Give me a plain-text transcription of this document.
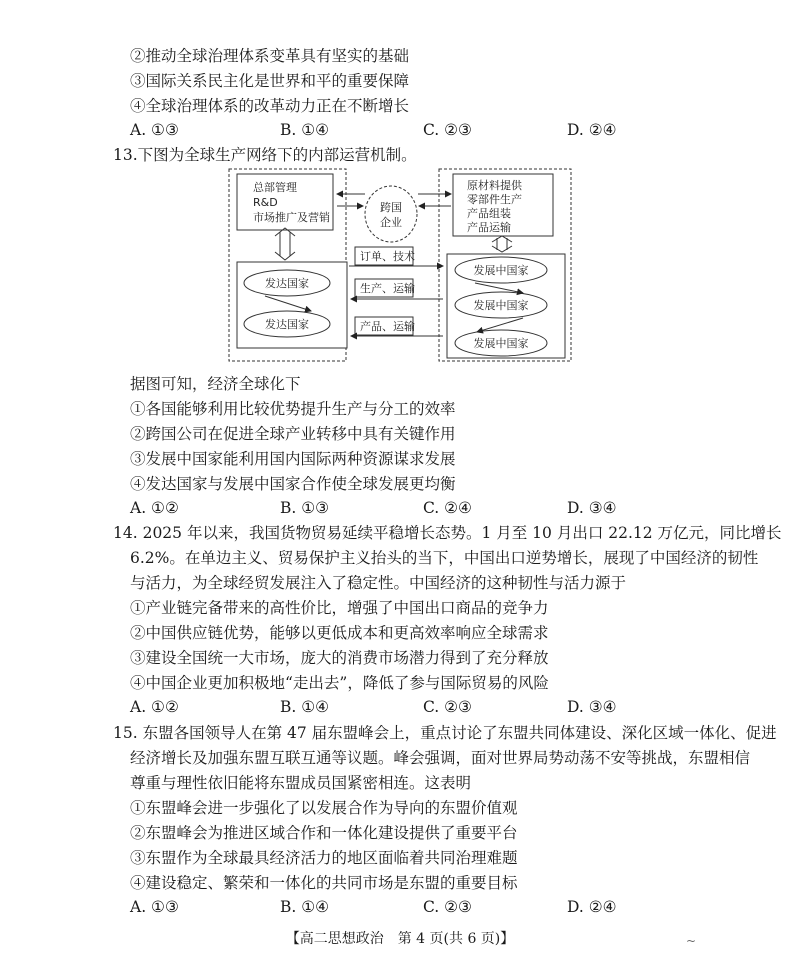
②推动全球治理体系变革具有坚实的基础
③国际关系民主化是世界和平的重要保障
④全球治理体系的改革动力正在不断增长
A. ①③	B. ①④	C. ②③	D. ②④
13.下图为全球生产网络下的内部运营机制。
总部管理
R&D
市场推广及营销
发达国家
发达国家
原材料提供
零部件生产
产品组装
产品运输
发展中国家
发展中国家
发展中国家
跨国
企业
订单、技术
生产、运输
产品、运输
据图可知，经济全球化下
①各国能够利用比较优势提升生产与分工的效率
②跨国公司在促进全球产业转移中具有关键作用
③发展中国家能利用国内国际两种资源谋求发展
④发达国家与发展中国家合作使全球发展更均衡
A. ①②	B. ①③	C. ②④	D. ③④
14. 2025 年以来，我国货物贸易延续平稳增长态势。1 月至 10 月出口 22.12 万亿元，同比增长
6.2%。在单边主义、贸易保护主义抬头的当下，中国出口逆势增长，展现了中国经济的韧性
与活力，为全球经贸发展注入了稳定性。中国经济的这种韧性与活力源于
①产业链完备带来的高性价比，增强了中国出口商品的竞争力
②中国供应链优势，能够以更低成本和更高效率响应全球需求
③建设全国统一大市场，庞大的消费市场潜力得到了充分释放
④中国企业更加积极地“走出去”，降低了参与国际贸易的风险
A. ①②	B. ①④	C. ②③	D. ③④
15. 东盟各国领导人在第 47 届东盟峰会上，重点讨论了东盟共同体建设、深化区域一体化、促进
经济增长及加强东盟互联互通等议题。峰会强调，面对世界局势动荡不安等挑战，东盟相信
尊重与理性依旧能将东盟成员国紧密相连。这表明
①东盟峰会进一步强化了以发展合作为导向的东盟价值观
②东盟峰会为推进区域合作和一体化建设提供了重要平台
③东盟作为全球最具经济活力的地区面临着共同治理难题
④建设稳定、繁荣和一体化的共同市场是东盟的重要目标
A. ①③	B. ①④	C. ②③	D. ②④
【高二思想政治　第 4 页(共 6 页)】	~
